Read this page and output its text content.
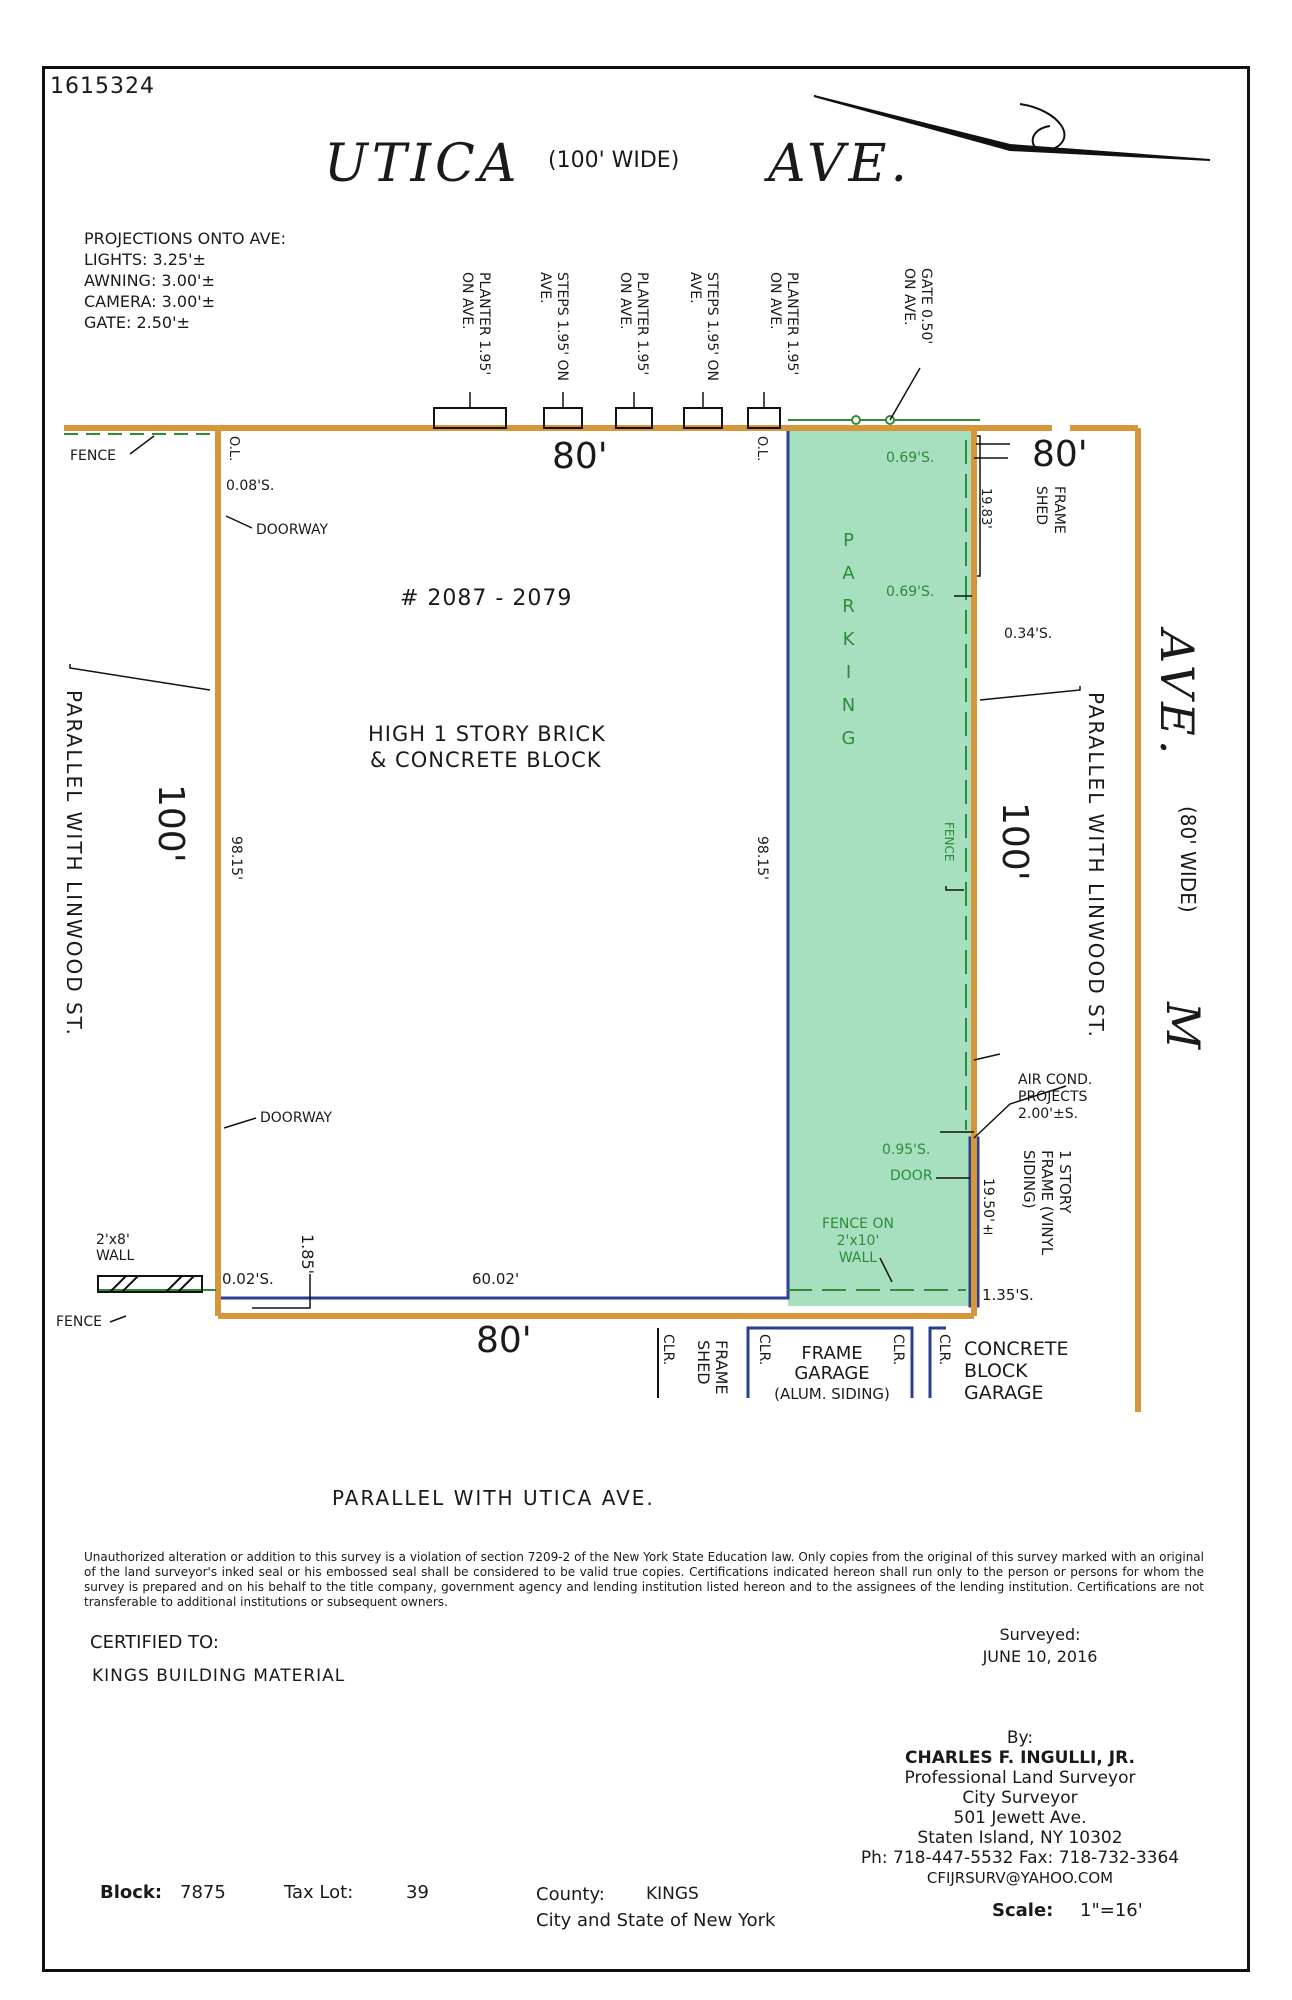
1615324
UTICA (100' WIDE) AVE.
PROJECTIONS ONTO AVE:
LIGHTS: 3.25'±
AWNING: 3.00'±
CAMERA: 3.00'±
GATE: 2.50'±	PLANTER 1.95' ON AVE.	STEPS 1.95' ON AVE.	PLANTER 1.95' ON AVE.	STEPS 1.95' ON AVE.	PLANTER 1.95' ON AVE.	GATE 0.50' ON AVE.
80'	80'
80'
100'	100'
98.15'	98.15'
60.02'
1.85'
19.83'
FENCE	O.L.	O.L.
0.08'S.
DOORWAY
DOORWAY
# 2087 - 2079
HIGH 1 STORY BRICK
& CONCRETE BLOCK	PARKING
0.69'S.
0.69'S.
0.34'S.
FRAME SHED
FENCE
PARALLEL WITH LINWOOD ST.	PARALLEL WITH LINWOOD ST. AVE.
(80' WIDE)
M
AIR COND.
PROJECTS
2.00'±S.
0.95'S.
DOOR	1 STORY FRAME (VINYL SIDING)
19.50'±
2'x8'
WALL
0.02'S.
FENCE
FENCE ON
2'x10'
WALL
1.35'S.
CLR.	FRAME SHED	CLR.	FRAME
GARAGE
(ALUM. SIDING)
CLR. CLR. CONCRETE
BLOCK
GARAGE
PARALLEL WITH UTICA AVE.
Unauthorized alteration or addition to this survey is a violation of section 7209-2 of the New York State Education law. Only copies from the original of this survey marked with an original of the land surveyor's inked seal or his embossed seal shall be considered to be valid true copies. Certifications indicated hereon shall run only to the person or persons for whom the survey is prepared and on his behalf to the title company, government agency and lending institution listed hereon and to the assignees of the lending institution. Certifications are not transferable to additional institutions or subsequent owners.
CERTIFIED TO:
KINGS BUILDING MATERIAL
Surveyed:
JUNE 10, 2016
By:
CHARLES F. INGULLI, JR.
Professional Land Surveyor
City Surveyor
501 Jewett Ave.
Staten Island, NY 10302
Ph: 718-447-5532 Fax: 718-732-3364
CFIJRSURV@YAHOO.COM
Block: 7875	Tax Lot:	39	County: KINGS
City and State of New York	Scale: 1"=16'
